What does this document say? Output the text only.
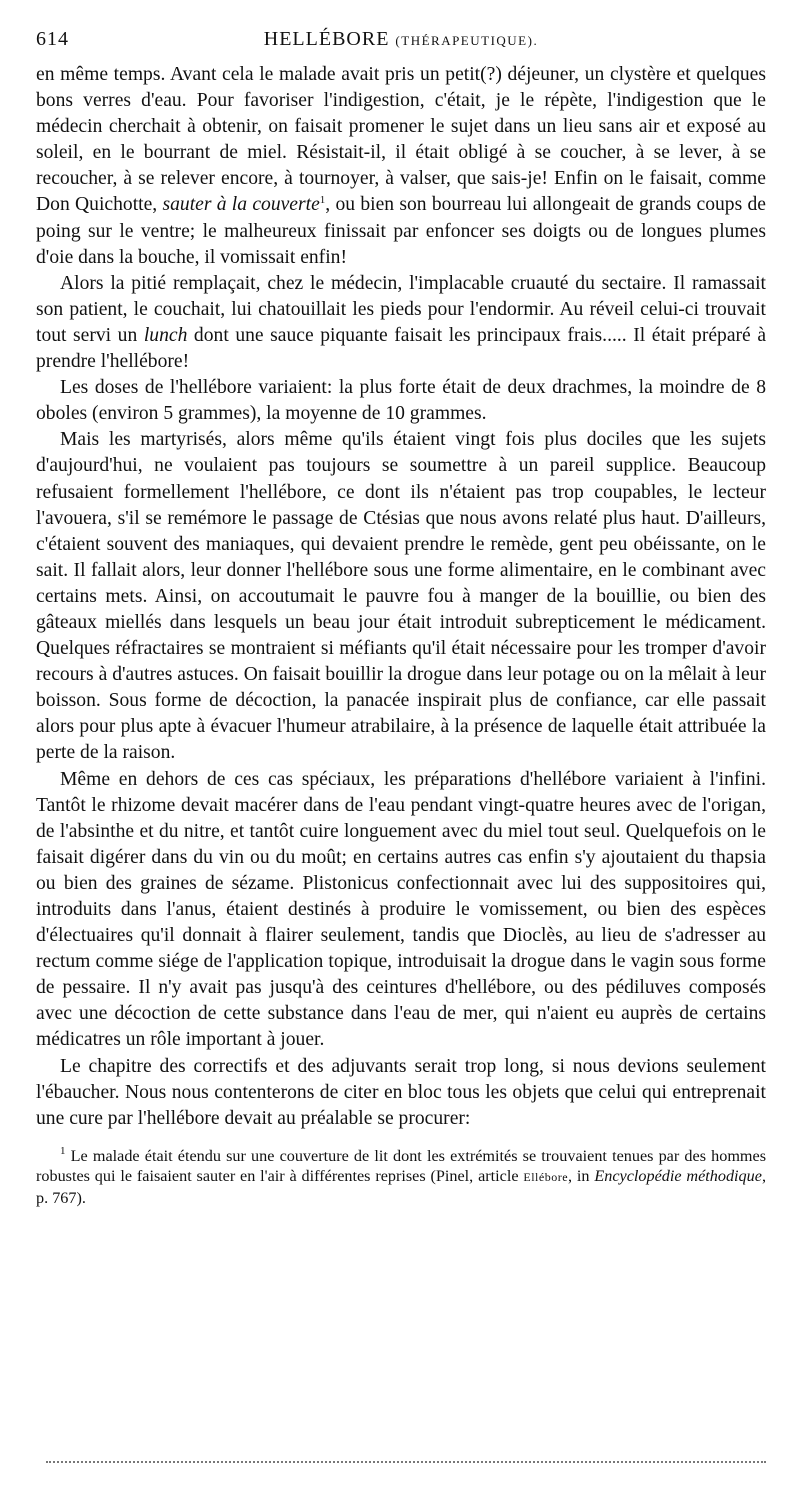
614	HELLÉBORE (THÉRAPEUTIQUE).

en même temps. Avant cela le malade avait pris un petit(?) déjeuner, un clystère et quelques bons verres d'eau. Pour favoriser l'indigestion, c'était, je le répète, l'indigestion que le médecin cherchait à obtenir, on faisait promener le sujet dans un lieu sans air et exposé au soleil, en le bourrant de miel. Résistait-il, il était obligé à se coucher, à se lever, à se recoucher, à se relever encore, à tournoyer, à valser, que sais-je! Enfin on le faisait, comme Don Quichotte, sauter à la couverte$^1$, ou bien son bourreau lui allongeait de grands coups de poing sur le ventre; le malheureux finissait par enfoncer ses doigts ou de longues plumes d'oie dans la bouche, il vomissait enfin!

Alors la pitié remplaçait, chez le médecin, l'implacable cruauté du sectaire. Il ramassait son patient, le couchait, lui chatouillait les pieds pour l'endormir. Au réveil celui-ci trouvait tout servi un lunch dont une sauce piquante faisait les principaux frais..... Il était préparé à prendre l'hellébore!

Les doses de l'hellébore variaient: la plus forte était de deux drachmes, la moindre de 8 oboles (environ 5 grammes), la moyenne de 10 grammes.

Mais les martyrisés, alors même qu'ils étaient vingt fois plus dociles que les sujets d'aujourd'hui, ne voulaient pas toujours se soumettre à un pareil supplice. Beaucoup refusaient formellement l'hellébore, ce dont ils n'étaient pas trop coupables, le lecteur l'avouera, s'il se remémore le passage de Ctésias que nous avons relaté plus haut. D'ailleurs, c'étaient souvent des maniaques, qui devaient prendre le remède, gent peu obéissante, on le sait. Il fallait alors, leur donner l'hellébore sous une forme alimentaire, en le combinant avec certains mets. Ainsi, on accoutumait le pauvre fou à manger de la bouillie, ou bien des gâteaux miellés dans lesquels un beau jour était introduit subrepticement le médicament. Quelques réfractaires se montraient si méfiants qu'il était nécessaire pour les tromper d'avoir recours à d'autres astuces. On faisait bouillir la drogue dans leur potage ou on la mêlait à leur boisson. Sous forme de décoction, la panacée inspirait plus de confiance, car elle passait alors pour plus apte à évacuer l'humeur atrabilaire, à la présence de laquelle était attribuée la perte de la raison.

Même en dehors de ces cas spéciaux, les préparations d'hellébore variaient à l'infini. Tantôt le rhizome devait macérer dans de l'eau pendant vingt-quatre heures avec de l'origan, de l'absinthe et du nitre, et tantôt cuire longuement avec du miel tout seul. Quelquefois on le faisait digérer dans du vin ou du moût; en certains autres cas enfin s'y ajoutaient du thapsia ou bien des graines de sézame. Plistonicus confectionnait avec lui des suppositoires qui, introduits dans l'anus, étaient destinés à produire le vomissement, ou bien des espèces d'électuaires qu'il donnait à flairer seulement, tandis que Dioclès, au lieu de s'adresser au rectum comme siége de l'application topique, introduisait la drogue dans le vagin sous forme de pessaire. Il n'y avait pas jusqu'à des ceintures d'hellébore, ou des pédiluves composés avec une décoction de cette substance dans l'eau de mer, qui n'aient eu auprès de certains médicatres un rôle important à jouer.

Le chapitre des correctifs et des adjuvants serait trop long, si nous devions seulement l'ébaucher. Nous nous contenterons de citer en bloc tous les objets que celui qui entreprenait une cure par l'hellébore devait au préalable se procurer:

$^1$ Le malade était étendu sur une couverture de lit dont les extrémités se trouvaient tenues par des hommes robustes qui le faisaient sauter en l'air à différentes reprises (Pinel, article Ellébore, in Encyclopédie méthodique, p. 767).
